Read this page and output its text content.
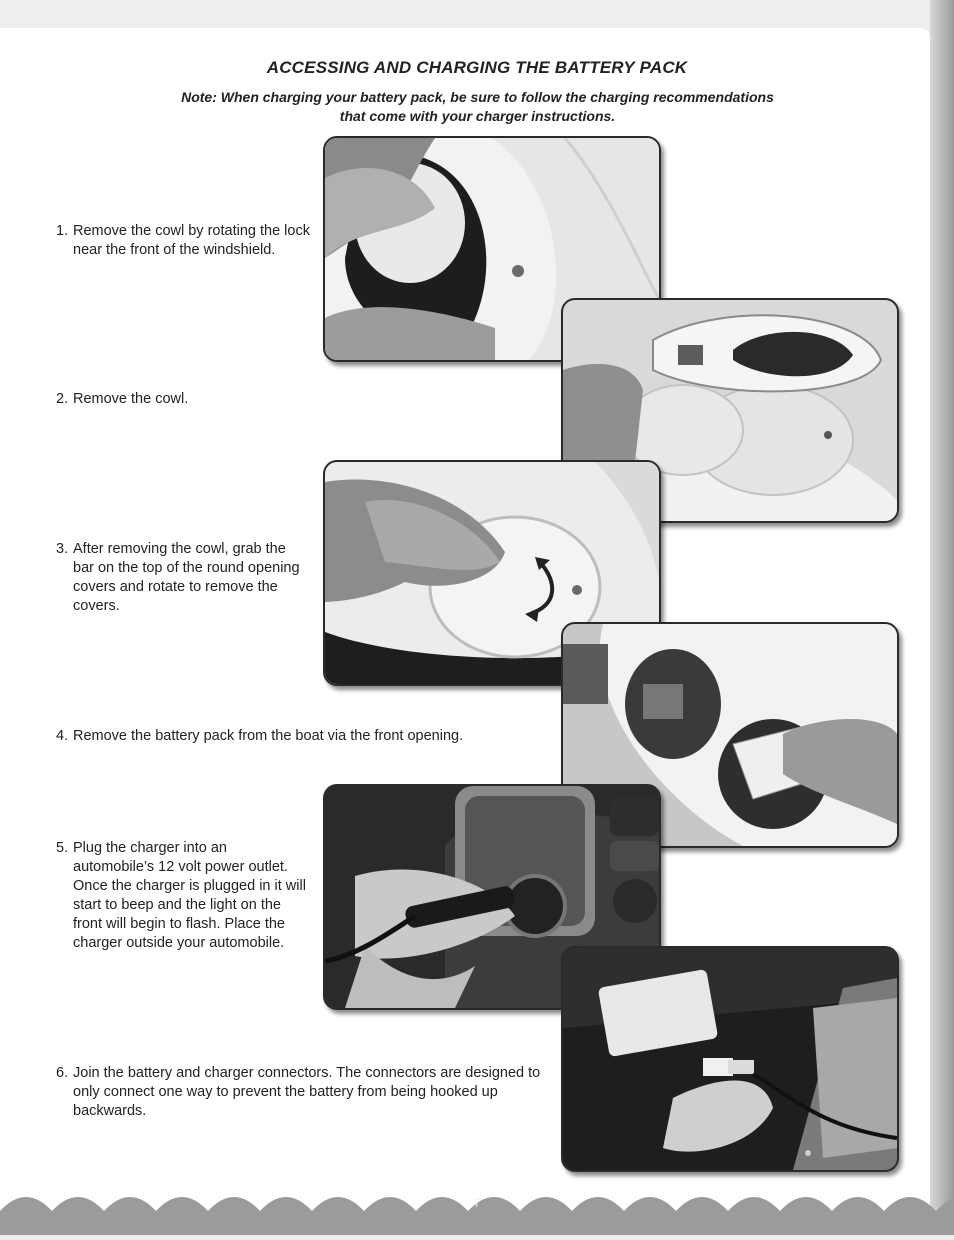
ACCESSING AND CHARGING THE BATTERY PACK
Note: When charging your battery pack, be sure to follow the charging recommendations that come with your charger instructions.
1. Remove the cowl by rotating the lock near the front of the windshield.
2. Remove the cowl.
3. After removing the cowl, grab the bar on the top of the round opening covers and rotate to remove the covers.
4. Remove the battery pack from the boat via the front opening.
5. Plug the charger into an automobile’s 12 volt power outlet. Once the charger is plugged in it will start to beep and the light on the front will begin to flash. Place the charger outside your automobile.
6. Join the battery and charger connectors. The connectors are designed to only connect one way to prevent the battery from being hooked up backwards.
7
